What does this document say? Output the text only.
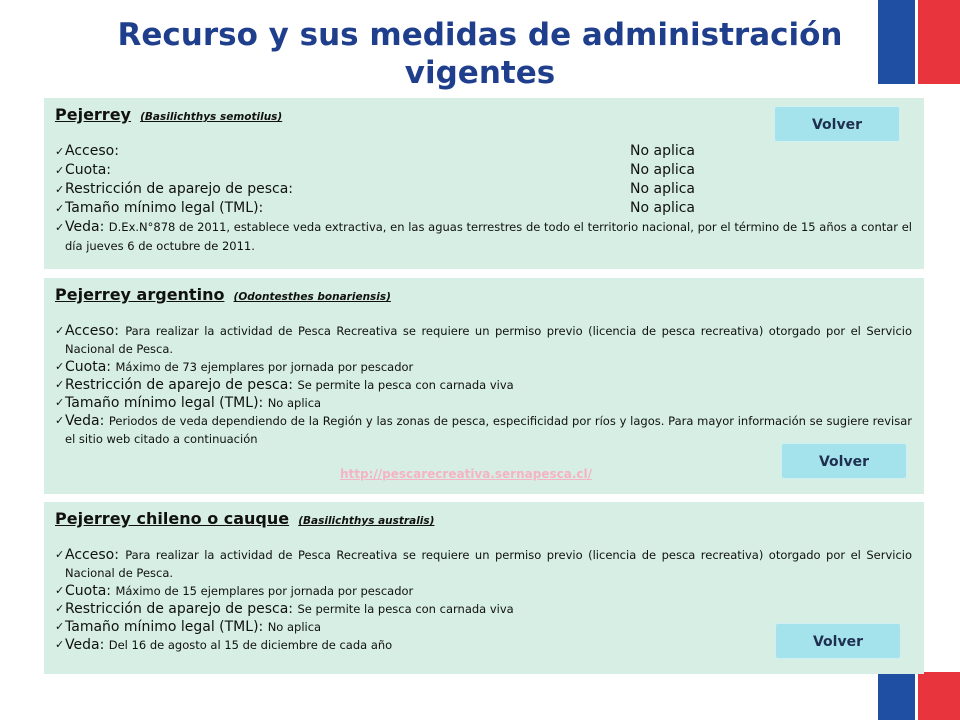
Recurso y sus medidas de administración vigentes
Pejerrey (Basilichthys semotilus)
✓ Acceso:	No aplica
✓ Cuota:	No aplica
✓ Restricción de aparejo de pesca:	No aplica
✓ Tamaño mínimo legal (TML):	No aplica
✓ Veda: D.Ex.N°878 de 2011, establece veda extractiva, en las aguas terrestres de todo el territorio nacional, por el término de 15 años a contar el día jueves 6 de octubre de 2011.
Volver
Pejerrey argentino (Odontesthes bonariensis)
✓ Acceso: Para realizar la actividad de Pesca Recreativa se requiere un permiso previo (licencia de pesca recreativa) otorgado por el Servicio Nacional de Pesca.
✓ Cuota: Máximo de 73 ejemplares por jornada por pescador
✓ Restricción de aparejo de pesca: Se permite la pesca con carnada viva
✓ Tamaño mínimo legal (TML): No aplica
✓ Veda: Periodos de veda dependiendo de la Región y las zonas de pesca, especificidad por ríos y lagos. Para mayor información se sugiere revisar el sitio web citado a continuación
http://pescarecreativa.sernapesca.cl/
Volver
Pejerrey chileno o cauque (Basilichthys australis)
✓ Acceso: Para realizar la actividad de Pesca Recreativa se requiere un permiso previo (licencia de pesca recreativa) otorgado por el Servicio Nacional de Pesca.
✓ Cuota: Máximo de 15 ejemplares por jornada por pescador
✓ Restricción de aparejo de pesca: Se permite la pesca con carnada viva
✓ Tamaño mínimo legal (TML): No aplica
✓ Veda: Del 16 de agosto al 15 de diciembre de cada año	Volver
